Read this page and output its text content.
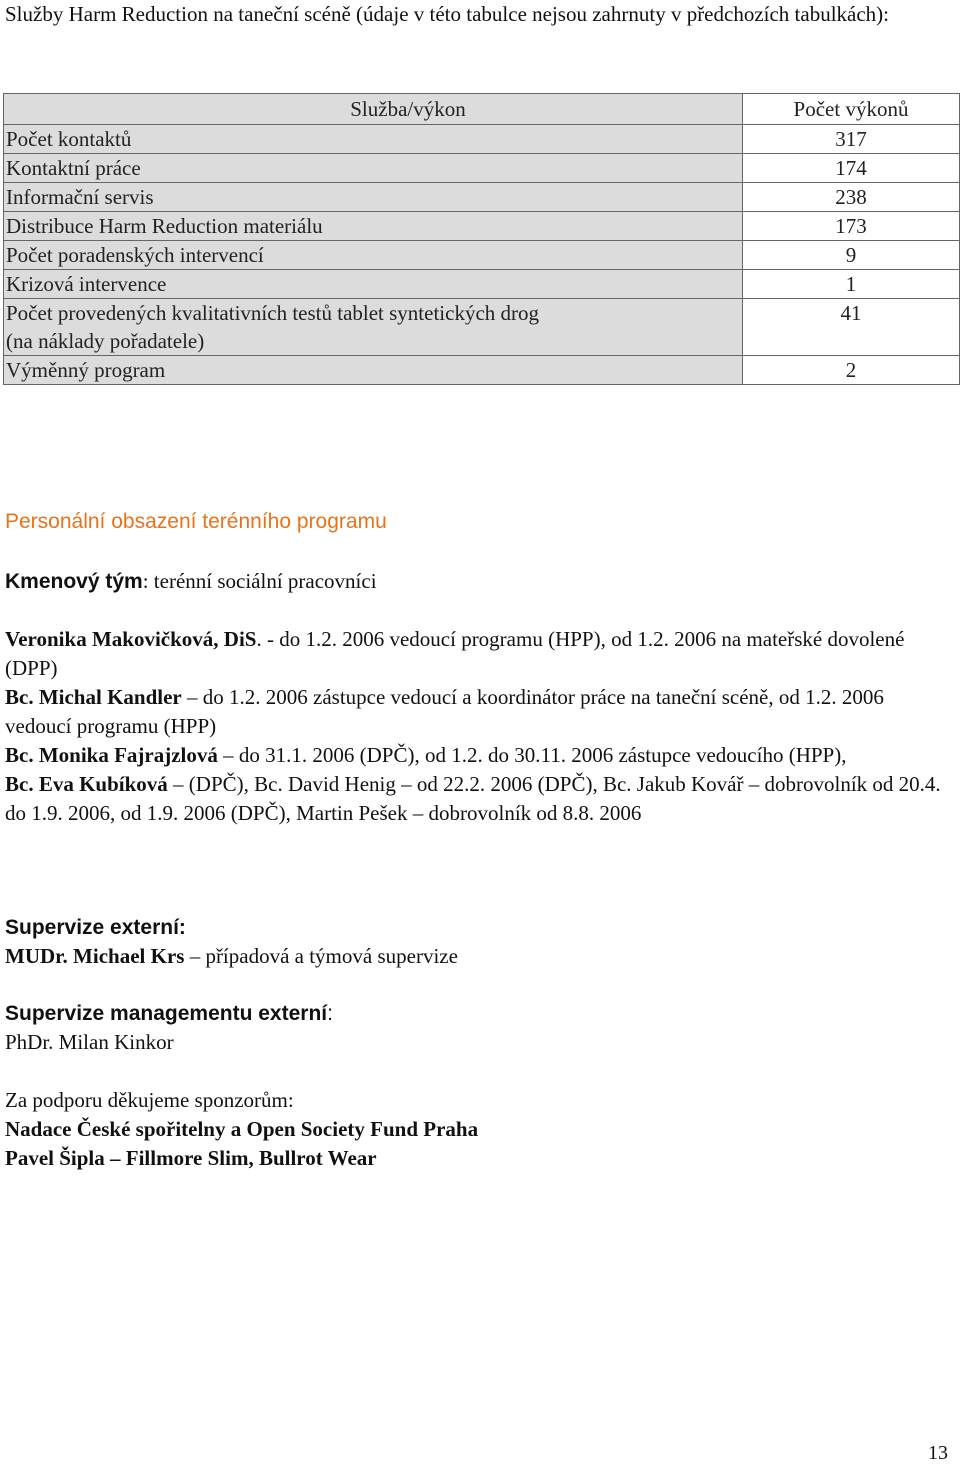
Služby Harm Reduction na taneční scéně (údaje v této tabulce nejsou zahrnuty v předchozích tabulkách):
Služba/výkon	Počet výkonů
Počet kontaktů	317
Kontaktní práce	174
Informační servis	238
Distribuce Harm Reduction materiálu	173
Počet poradenských intervencí	9
Krizová intervence	1

Počet provedených kvalitativních testů tablet syntetických drog
(na náklady pořadatele)	41
Výměnný program	2
Personální obsazení terénního programu
Kmenový tým: terénní sociální pracovníci
Veronika Makovičková, DiS. - do 1.2. 2006 vedoucí programu (HPP), od 1.2. 2006 na mateřské dovolené (DPP)
Bc. Michal Kandler – do 1.2. 2006 zástupce vedoucí a koordinátor práce na taneční scéně, od 1.2. 2006 vedoucí programu (HPP)
Bc. Monika Fajrajzlová – do 31.1. 2006 (DPČ), od 1.2. do 30.11. 2006 zástupce vedoucího (HPP),
Bc. Eva Kubíková – (DPČ), Bc. David Henig – od 22.2. 2006 (DPČ), Bc. Jakub Kovář – dobrovolník od 20.4. do 1.9. 2006, od 1.9. 2006 (DPČ), Martin Pešek – dobrovolník od 8.8. 2006
Supervize externí:
MUDr. Michael Krs – případová a týmová supervize
Supervize managementu externí:
PhDr. Milan Kinkor
Za podporu děkujeme sponzorům:
Nadace České spořitelny a Open Society Fund Praha
Pavel Šipla – Fillmore Slim, Bullrot Wear
13
